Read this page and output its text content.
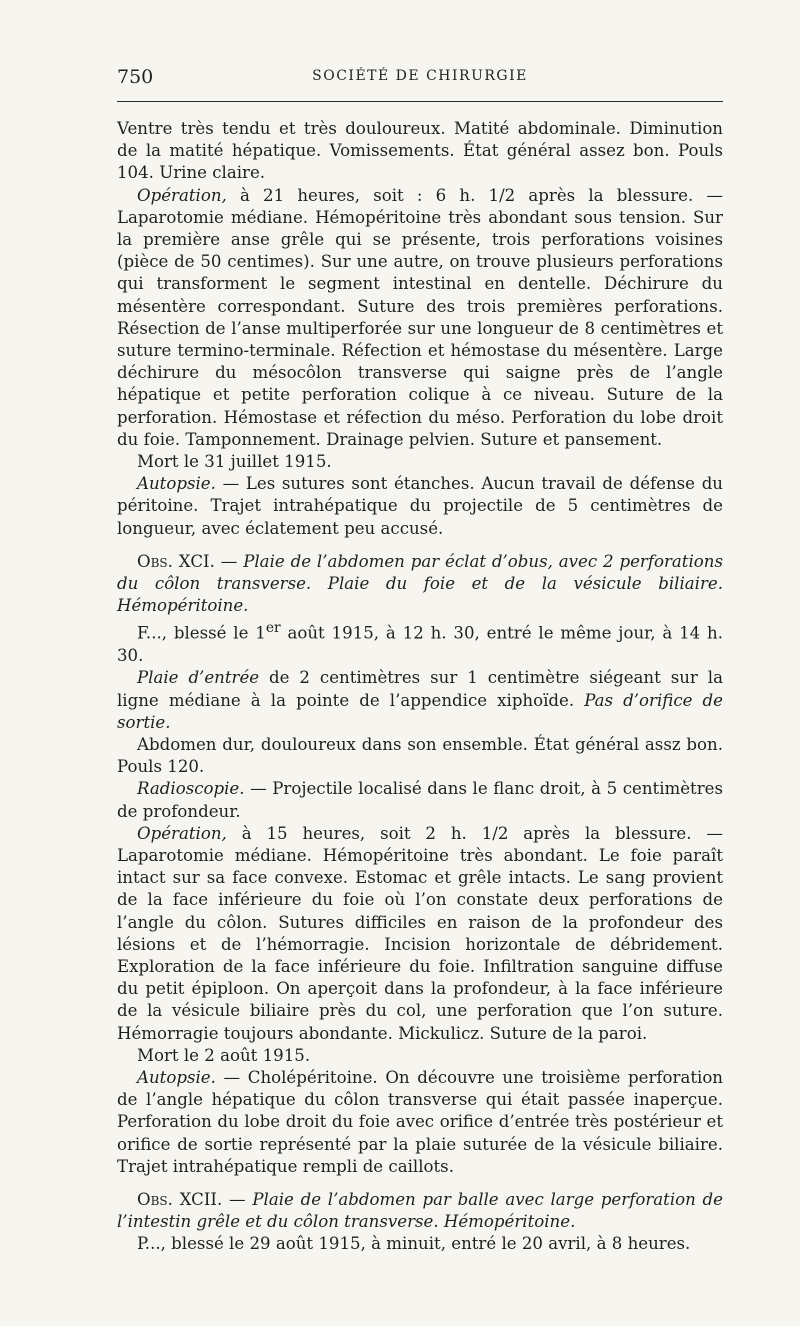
750	SOCIÉTÉ DE CHIRURGIE

Ventre très tendu et très douloureux. Matité abdominale. Diminution de la matité hépatique. Vomissements. État général assez bon. Pouls 104. Urine claire.

Opération, à 21 heures, soit : 6 h. 1/2 après la blessure. — Laparotomie médiane. Hémopéritoine très abondant sous tension. Sur la première anse grêle qui se présente, trois perforations voisines (pièce de 50 centimes). Sur une autre, on trouve plusieurs perforations qui transforment le segment intestinal en dentelle. Déchirure du mésentère correspondant. Suture des trois premières perforations. Résection de l’anse multiperforée sur une longueur de 8 centimètres et suture termino-terminale. Réfection et hémostase du mésentère. Large déchirure du mésocôlon transverse qui saigne près de l’angle hépatique et petite perforation colique à ce niveau. Suture de la perforation. Hémostase et réfection du méso. Perforation du lobe droit du foie. Tamponnement. Drainage pelvien. Suture et pansement.

Mort le 31 juillet 1915.

Autopsie. — Les sutures sont étanches. Aucun travail de défense du péritoine. Trajet intrahépatique du projectile de 5 centimètres de longueur, avec éclatement peu accusé.

Obs. XCI. — Plaie de l’abdomen par éclat d’obus, avec 2 perforations du côlon transverse. Plaie du foie et de la vésicule biliaire. Hémopéritoine.

F..., blessé le 1er août 1915, à 12 h. 30, entré le même jour, à 14 h. 30.

Plaie d’entrée de 2 centimètres sur 1 centimètre siégeant sur la ligne médiane à la pointe de l’appendice xiphoïde. Pas d’orifice de sortie.

Abdomen dur, douloureux dans son ensemble. État général assz bon. Pouls 120.

Radioscopie. — Projectile localisé dans le flanc droit, à 5 centimètres de profondeur.

Opération, à 15 heures, soit 2 h. 1/2 après la blessure. — Laparotomie médiane. Hémopéritoine très abondant. Le foie paraît intact sur sa face convexe. Estomac et grêle intacts. Le sang provient de la face inférieure du foie où l’on constate deux perforations de l’angle du côlon. Sutures difficiles en raison de la profondeur des lésions et de l’hémorragie. Incision horizontale de débridement. Exploration de la face inférieure du foie. Infiltration sanguine diffuse du petit épiploon. On aperçoit dans la profondeur, à la face inférieure de la vésicule biliaire près du col, une perforation que l’on suture. Hémorragie toujours abondante. Mickulicz. Suture de la paroi.

Mort le 2 août 1915.

Autopsie. — Cholépéritoine. On découvre une troisième perforation de l’angle hépatique du côlon transverse qui était passée inaperçue. Perforation du lobe droit du foie avec orifice d’entrée très postérieur et orifice de sortie représenté par la plaie suturée de la vésicule biliaire. Trajet intrahépatique rempli de caillots.

Obs. XCII. — Plaie de l’abdomen par balle avec large perforation de l’intestin grêle et du côlon transverse. Hémopéritoine.

P..., blessé le 29 août 1915, à minuit, entré le 20 avril, à 8 heures.
